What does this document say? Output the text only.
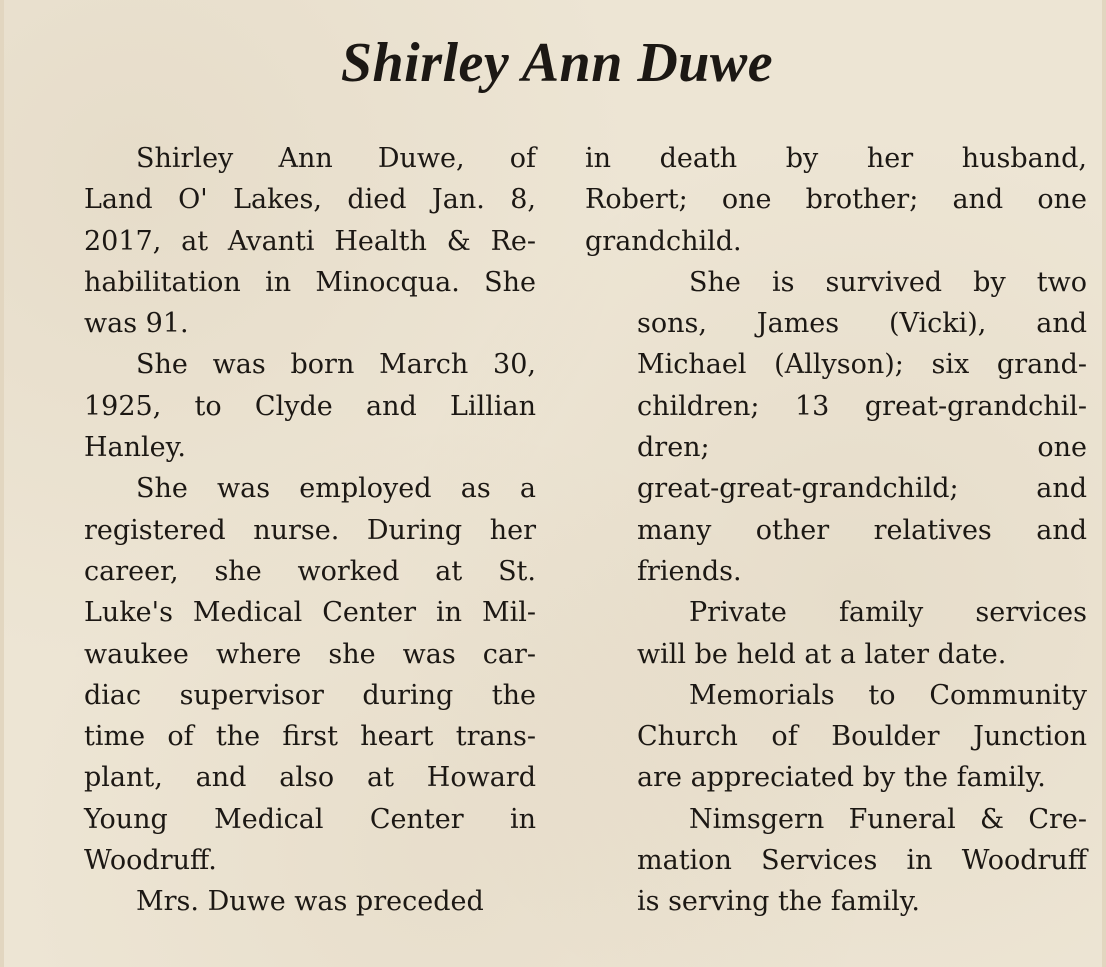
Shirley Ann Duwe

Shirley Ann Duwe, of
Land O' Lakes, died Jan. 8,
2017, at Avanti Health & Re-
habilitation in Minocqua. She
was 91.

She was born March 30,
1925, to Clyde and Lillian
Hanley.

She was employed as a
registered nurse. During her
career, she worked at St.
Luke's Medical Center in Mil-
waukee where she was car-
diac supervisor during the
time of the first heart trans-
plant, and also at Howard
Young Medical Center in
Woodruff.

Mrs. Duwe was preceded

in death by her husband,
Robert; one brother; and one
grandchild.

She is survived by two
sons, James (Vicki), and
Michael (Allyson); six grand-
children; 13 great-grandchil-
dren; one
great-great-grandchild; and
many other relatives and
friends.

Private family services
will be held at a later date.

Memorials to Community
Church of Boulder Junction
are appreciated by the family.

Nimsgern Funeral & Cre-
mation Services in Woodruff
is serving the family.
